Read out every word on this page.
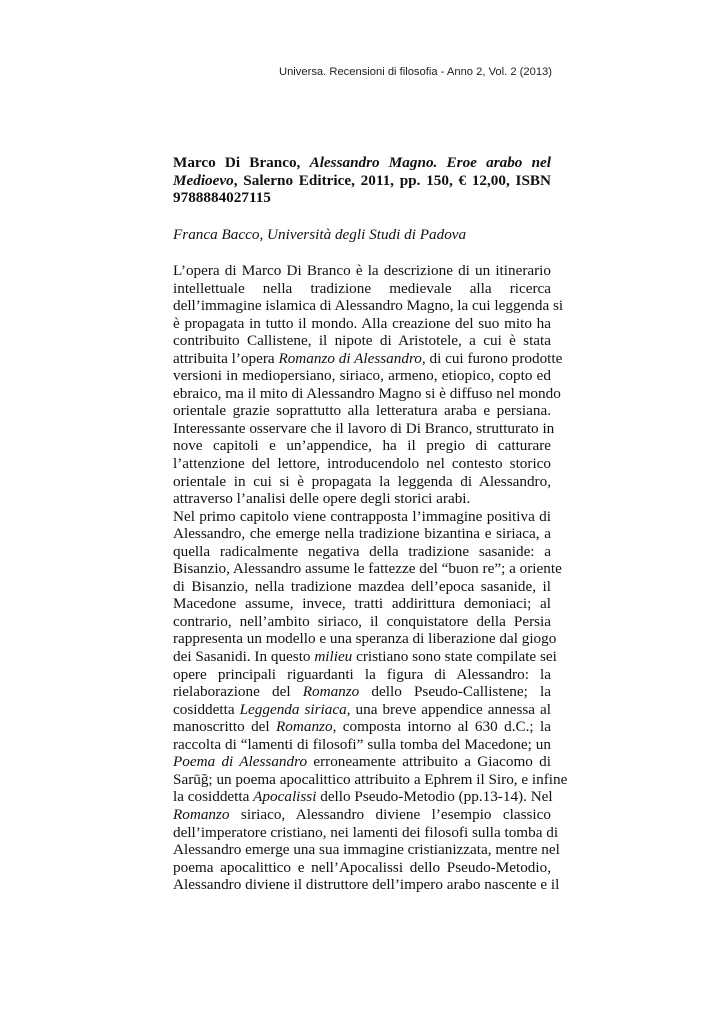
Universa. Recensioni di filosofia - Anno 2, Vol. 2 (2013)

Marco Di Branco, Alessandro Magno. Eroe arabo nel
Medioevo, Salerno Editrice, 2011, pp. 150, € 12,00, ISBN
9788884027115

Franca Bacco, Università degli Studi di Padova

L’opera di Marco Di Branco è la descrizione di un itinerario
intellettuale nella tradizione medievale alla ricerca
dell’immagine islamica di Alessandro Magno, la cui leggenda si
è propagata in tutto il mondo. Alla creazione del suo mito ha
contribuito Callistene, il nipote di Aristotele, a cui è stata
attribuita l’opera Romanzo di Alessandro, di cui furono prodotte
versioni in mediopersiano, siriaco, armeno, etiopico, copto ed
ebraico, ma il mito di Alessandro Magno si è diffuso nel mondo
orientale grazie soprattutto alla letteratura araba e persiana.
Interessante osservare che il lavoro di Di Branco, strutturato in
nove capitoli e un’appendice, ha il pregio di catturare
l’attenzione del lettore, introducendolo nel contesto storico
orientale in cui si è propagata la leggenda di Alessandro,
attraverso l’analisi delle opere degli storici arabi.

Nel primo capitolo viene contrapposta l’immagine positiva di
Alessandro, che emerge nella tradizione bizantina e siriaca, a
quella radicalmente negativa della tradizione sasanide: a
Bisanzio, Alessandro assume le fattezze del “buon re”; a oriente
di Bisanzio, nella tradizione mazdea dell’epoca sasanide, il
Macedone assume, invece, tratti addirittura demoniaci; al
contrario, nell’ambito siriaco, il conquistatore della Persia
rappresenta un modello e una speranza di liberazione dal giogo
dei Sasanidi. In questo milieu cristiano sono state compilate sei
opere principali riguardanti la figura di Alessandro: la
rielaborazione del Romanzo dello Pseudo-Callistene; la
cosiddetta Leggenda siriaca, una breve appendice annessa al
manoscritto del Romanzo, composta intorno al 630 d.C.; la
raccolta di “lamenti di filosofi” sulla tomba del Macedone; un
Poema di Alessandro erroneamente attribuito a Giacomo di
Sarūğ; un poema apocalittico attribuito a Ephrem il Siro, e infine
la cosiddetta Apocalissi dello Pseudo-Metodio (pp.13-14). Nel
Romanzo siriaco, Alessandro diviene l’esempio classico
dell’imperatore cristiano, nei lamenti dei filosofi sulla tomba di
Alessandro emerge una sua immagine cristianizzata, mentre nel
poema apocalittico e nell’Apocalissi dello Pseudo-Metodio,
Alessandro diviene il distruttore dell’impero arabo nascente e il
